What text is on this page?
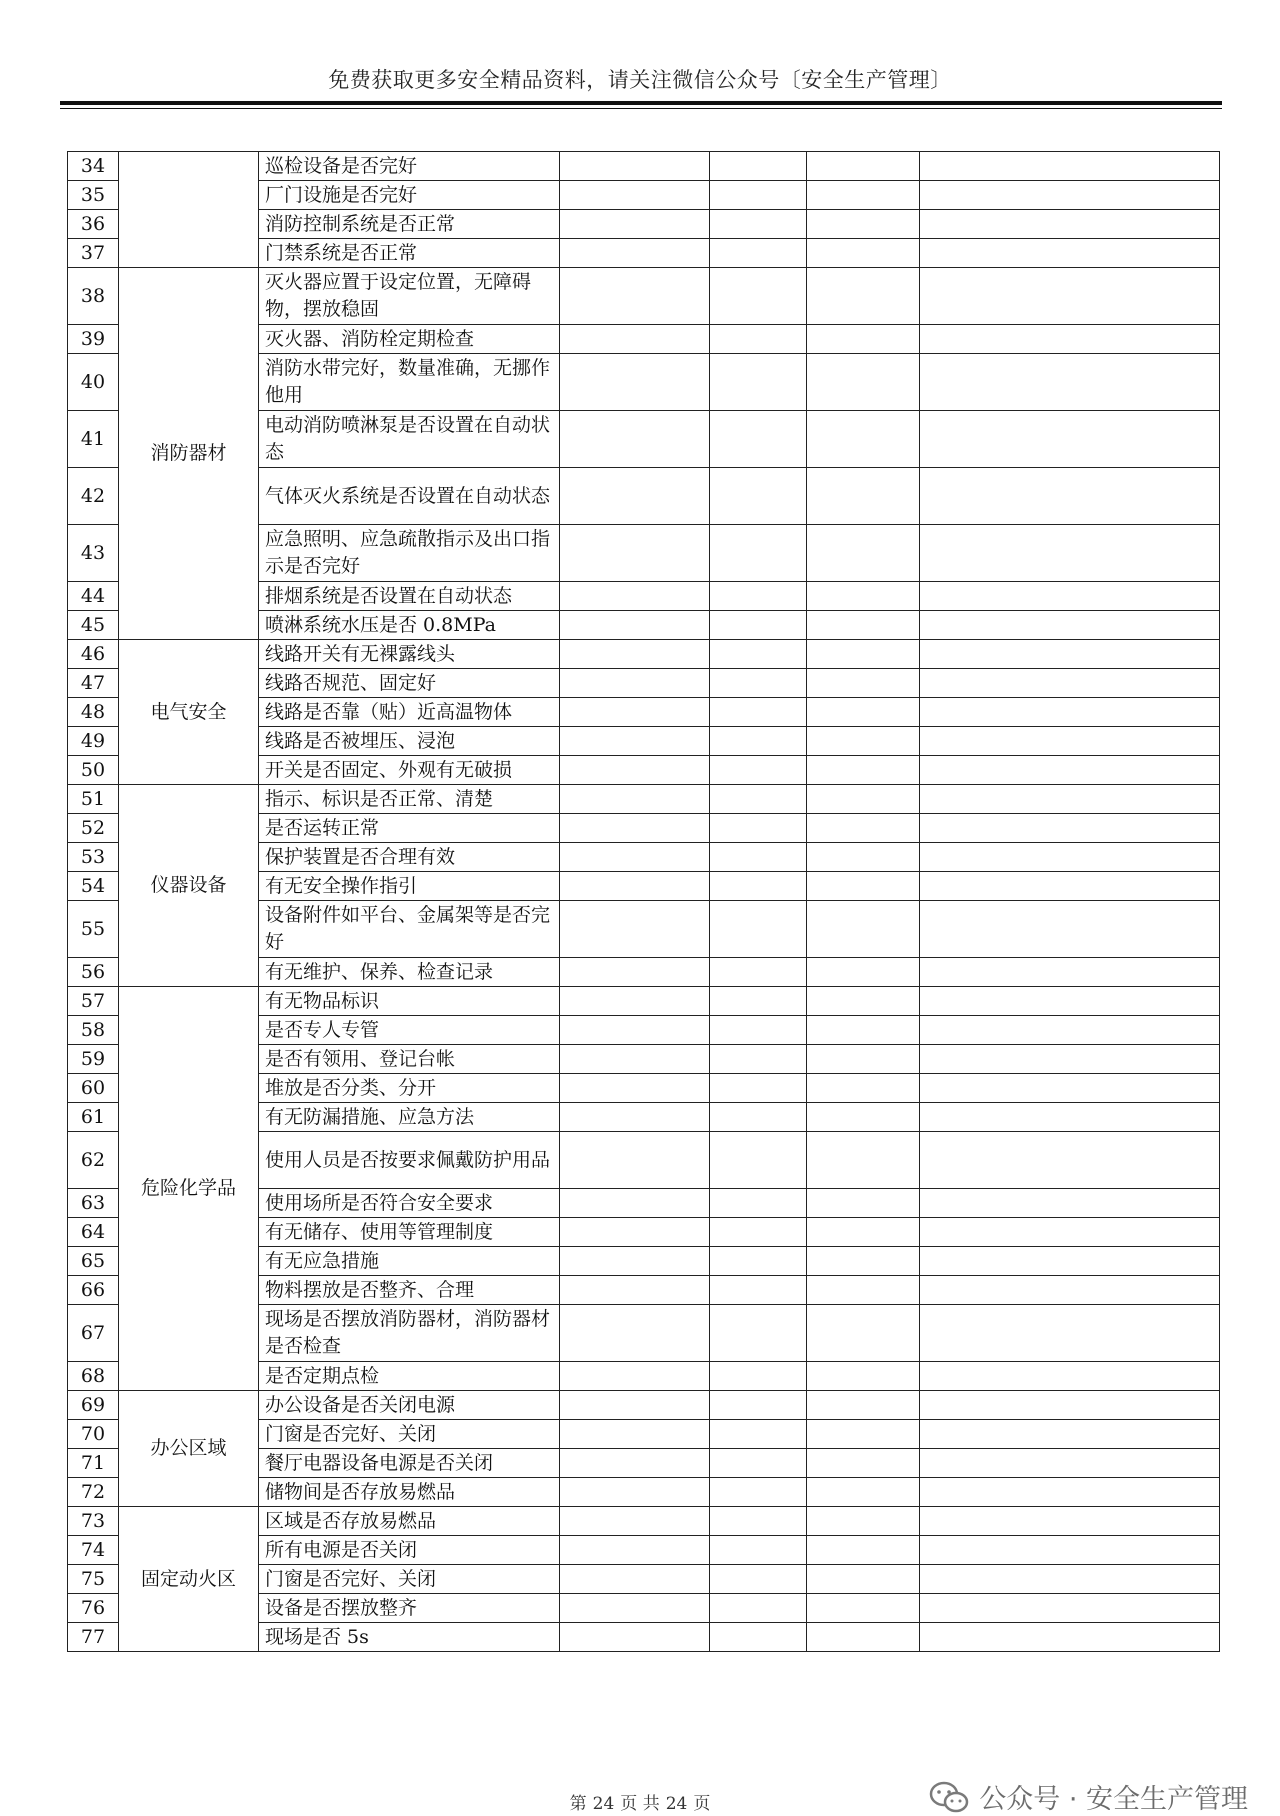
免费获取更多安全精品资料，请关注微信公众号〔安全生产管理〕
34		巡检设备是否完好				
35		厂门设施是否完好				
36		消防控制系统是否正常				
37		门禁系统是否正常				
38	消防器材	灭火器应置于设定位置，无障碍物，摆放稳固				
39		灭火器、消防栓定期检查				
40		消防水带完好，数量准确，无挪作他用				
41		电动消防喷淋泵是否设置在自动状态				
42		气体灭火系统是否设置在自动状态				
43		应急照明、应急疏散指示及出口指示是否完好				
44		排烟系统是否设置在自动状态				
45		喷淋系统水压是否 0.8MPa				
46	电气安全	线路开关有无裸露线头				
47		线路否规范、固定好				
48		线路是否靠（贴）近高温物体				
49		线路是否被埋压、浸泡				
50		开关是否固定、外观有无破损				
51	仪器设备	指示、标识是否正常、清楚				
52		是否运转正常				
53		保护装置是否合理有效				
54		有无安全操作指引				
55		设备附件如平台、金属架等是否完好				
56		有无维护、保养、检查记录				
57	危险化学品	有无物品标识				
58		是否专人专管				
59		是否有领用、登记台帐				
60		堆放是否分类、分开				
61		有无防漏措施、应急方法				
62		使用人员是否按要求佩戴防护用品				
63		使用场所是否符合安全要求				
64		有无储存、使用等管理制度				
65		有无应急措施				
66		物料摆放是否整齐、合理				
67		现场是否摆放消防器材，消防器材是否检查				
68		是否定期点检				
69	办公区域	办公设备是否关闭电源				
70		门窗是否完好、关闭				
71		餐厅电器设备电源是否关闭				
72		储物间是否存放易燃品				
73	固定动火区	区域是否存放易燃品				
74		所有电源是否关闭				
75		门窗是否完好、关闭				
76		设备是否摆放整齐				
77		现场是否 5s				
第 24 页 共 24 页	公众号 · 安全生产管理
